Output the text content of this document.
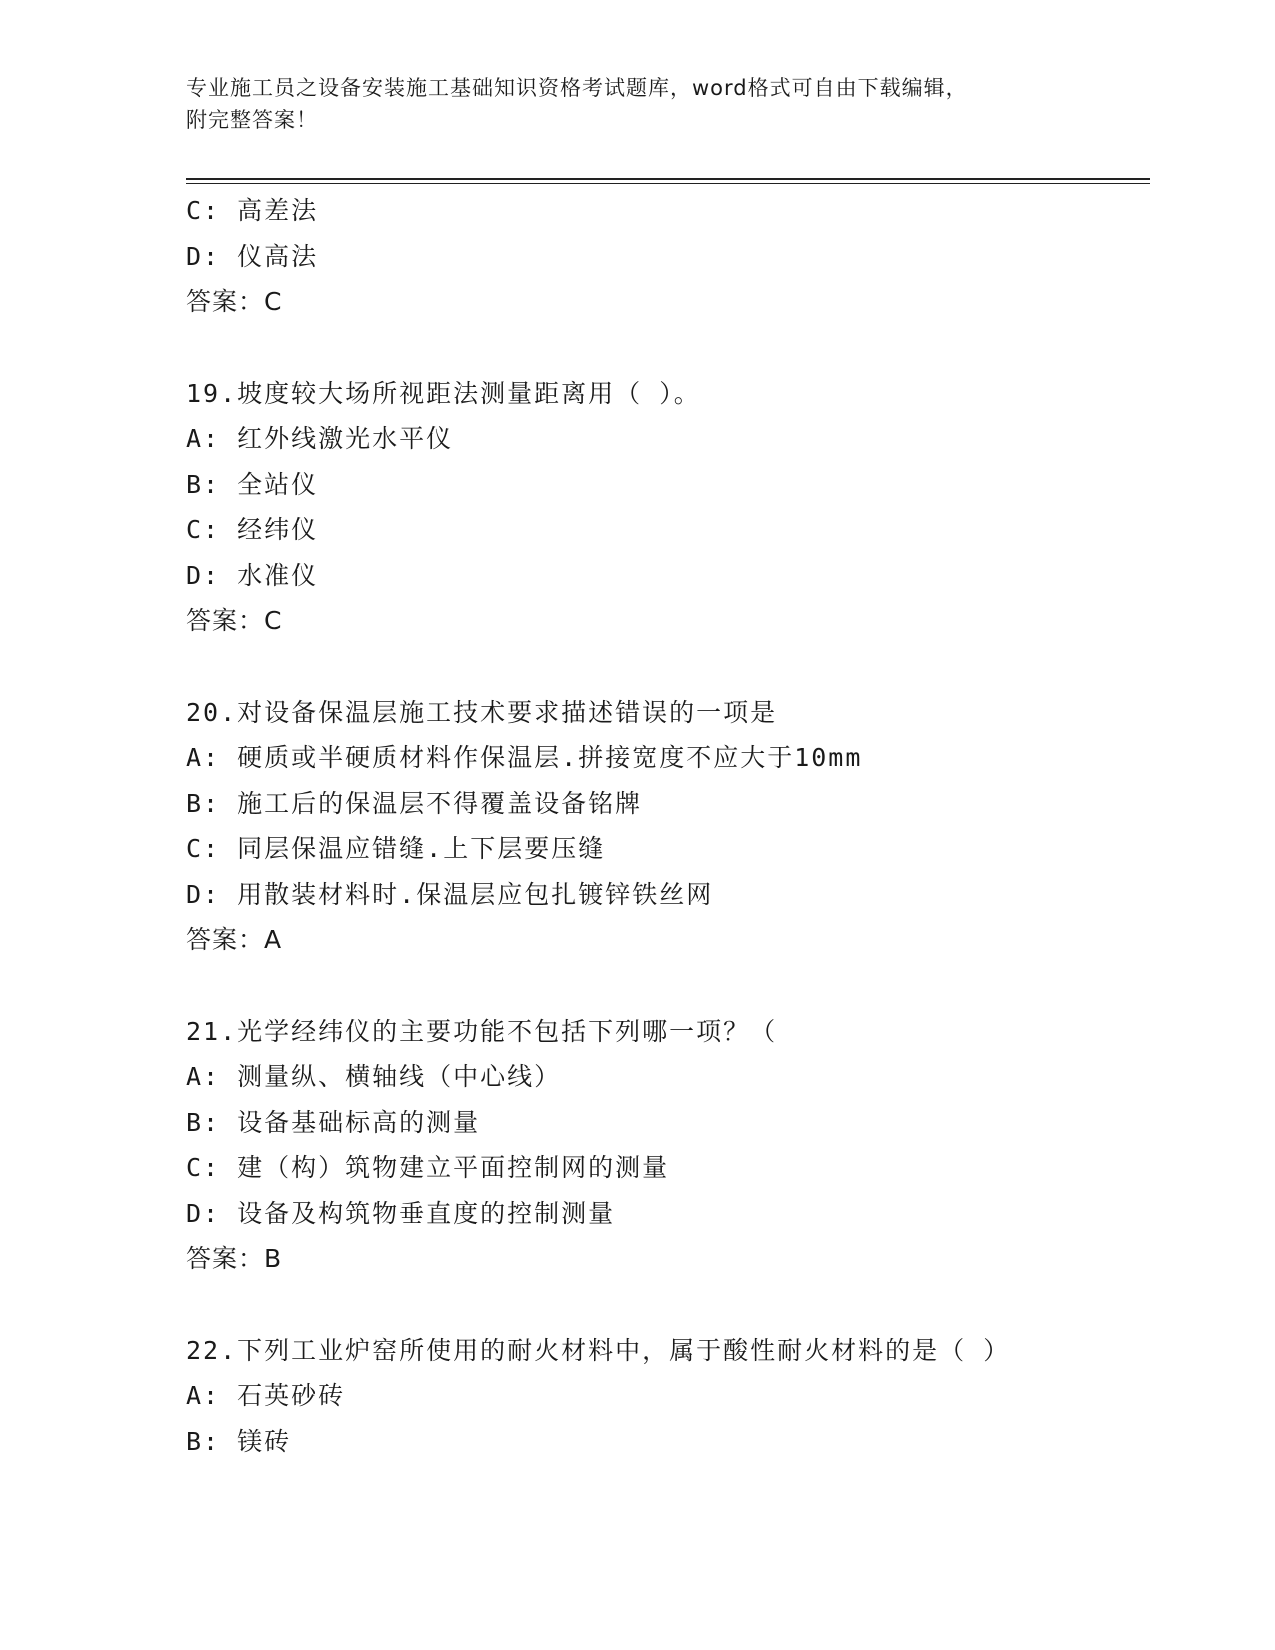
专业施工员之设备安装施工基础知识资格考试题库，word格式可自由下载编辑，
附完整答案！
C: 高差法
D: 仪高法
答案：C
19.坡度较大场所视距法测量距离用（ ）。
A: 红外线激光水平仪
B: 全站仪
C: 经纬仪
D: 水准仪
答案：C
20.对设备保温层施工技术要求描述错误的一项是
A: 硬质或半硬质材料作保温层.拼接宽度不应大于10mm
B: 施工后的保温层不得覆盖设备铭牌
C: 同层保温应错缝.上下层要压缝
D: 用散装材料时.保温层应包扎镀锌铁丝网
答案：A
21.光学经纬仪的主要功能不包括下列哪一项？（
A: 测量纵、横轴线（中心线）
B: 设备基础标高的测量
C: 建（构）筑物建立平面控制网的测量
D: 设备及构筑物垂直度的控制测量
答案：B
22.下列工业炉窑所使用的耐火材料中，属于酸性耐火材料的是（ ）
A: 石英砂砖
B: 镁砖
